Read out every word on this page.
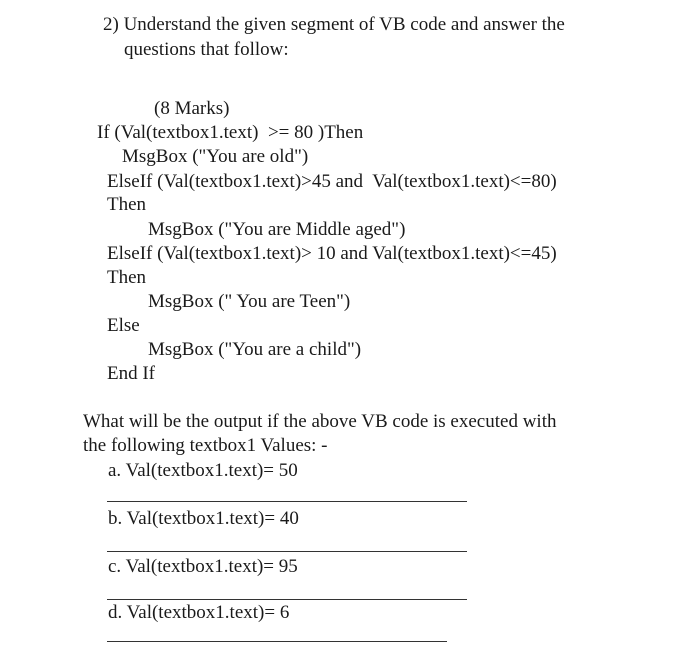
2) Understand the given segment of VB code and answer the
questions that follow:
(8 Marks)
If (Val(textbox1.text)  >= 80 )Then
MsgBox ("You are old")
ElseIf (Val(textbox1.text)>45 and  Val(textbox1.text)<=80)
Then
MsgBox ("You are Middle aged")
ElseIf (Val(textbox1.text)> 10 and Val(textbox1.text)<=45)
Then
MsgBox (" You are Teen")
Else
MsgBox ("You are a child")
End If
What will be the output if the above VB code is executed with
the following textbox1 Values: -
a. Val(textbox1.text)= 50
b. Val(textbox1.text)= 40
c. Val(textbox1.text)= 95
d. Val(textbox1.text)= 6
